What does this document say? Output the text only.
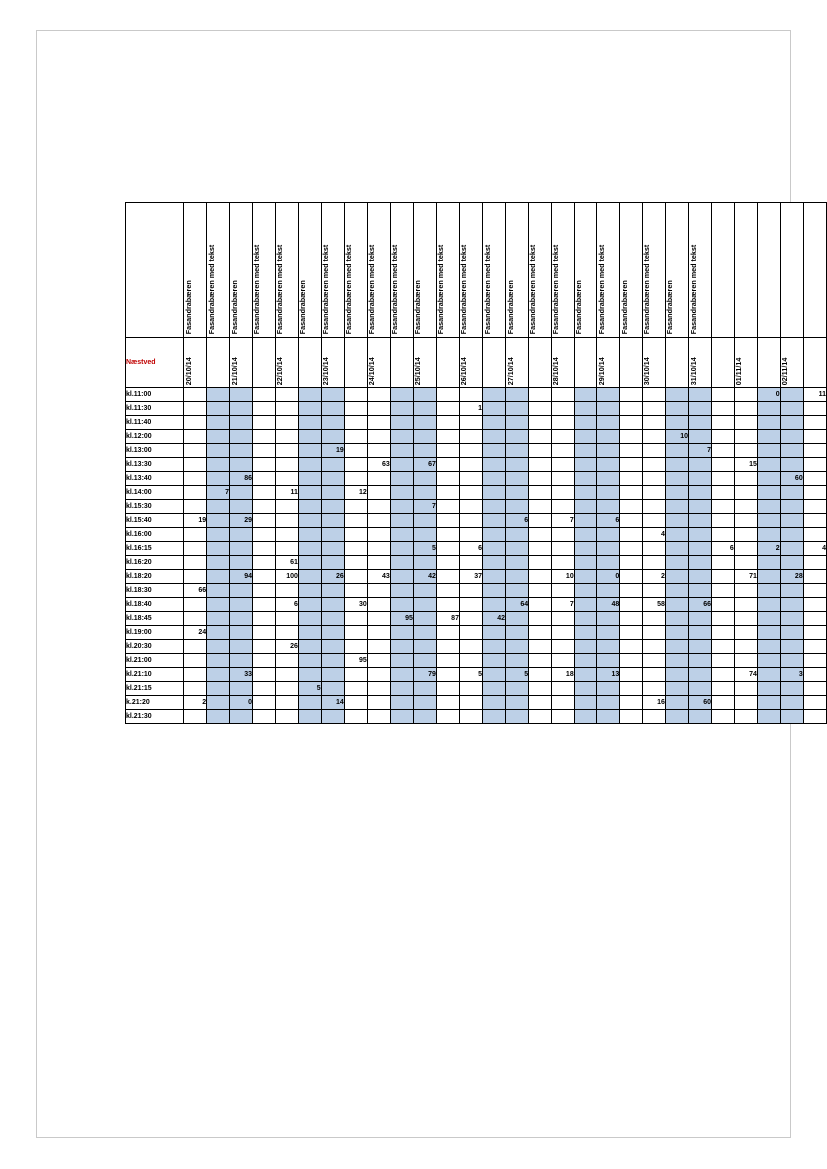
	Fasandrabæren	Fasandrabæren med tekst	Fasandrabæren	Fasandrabæren med tekst	Fasandrabæren med tekst	Fasandrabæren	Fasandrabæren med tekst	Fasandrabæren med tekst	Fasandrabæren med tekst	Fasandrabæren med tekst	Fasandrabæren	Fasandrabæren med tekst	Fasandrabæren med tekst	Fasandrabæren med tekst	Fasandrabæren	Fasandrabæren med tekst	Fasandrabæren med tekst	Fasandrabæren	Fasandrabæren med tekst	Fasandrabæren	Fasandrabæren med tekst	Fasandrabæren	Fasandrabæren med tekst					

Næstved	20/10/14		21/10/14		22/10/14		23/10/14		24/10/14		25/10/14		26/10/14		27/10/14		28/10/14		29/10/14		30/10/14		31/10/14		01/11/14		02/11/14	

kl.11:00																										0		11
kl.11:30													1															
kl.11:40																												
kl.12:00																						10						
kl.13:00							19																7					
kl.13:30									63		67														15			
kl.13:40			86																								60	
kl.14:00		7			11			12																				
kl.15:30											7																	
kl.15:40	19		29												6		7		6									
kl.16:00																					4							
kl.16:15											5		6											6		2		4
kl.16:20					61																							
kl.18:20			94		100		26		43		42		37				10		0		2				71		28	
kl.18:30	66																											
kl.18:40					6			30							64		7		48		58		66					
kl.18:45										95		87		42														
kl.19:00	24																											
kl.20:30					26																							
kl.21:00								95																				
kl.21:10			33								79		5		5		18		13						74		3	
kl.21:15						5																						
k.21:20	2		0				14														16		60					
kl.21:30																												
